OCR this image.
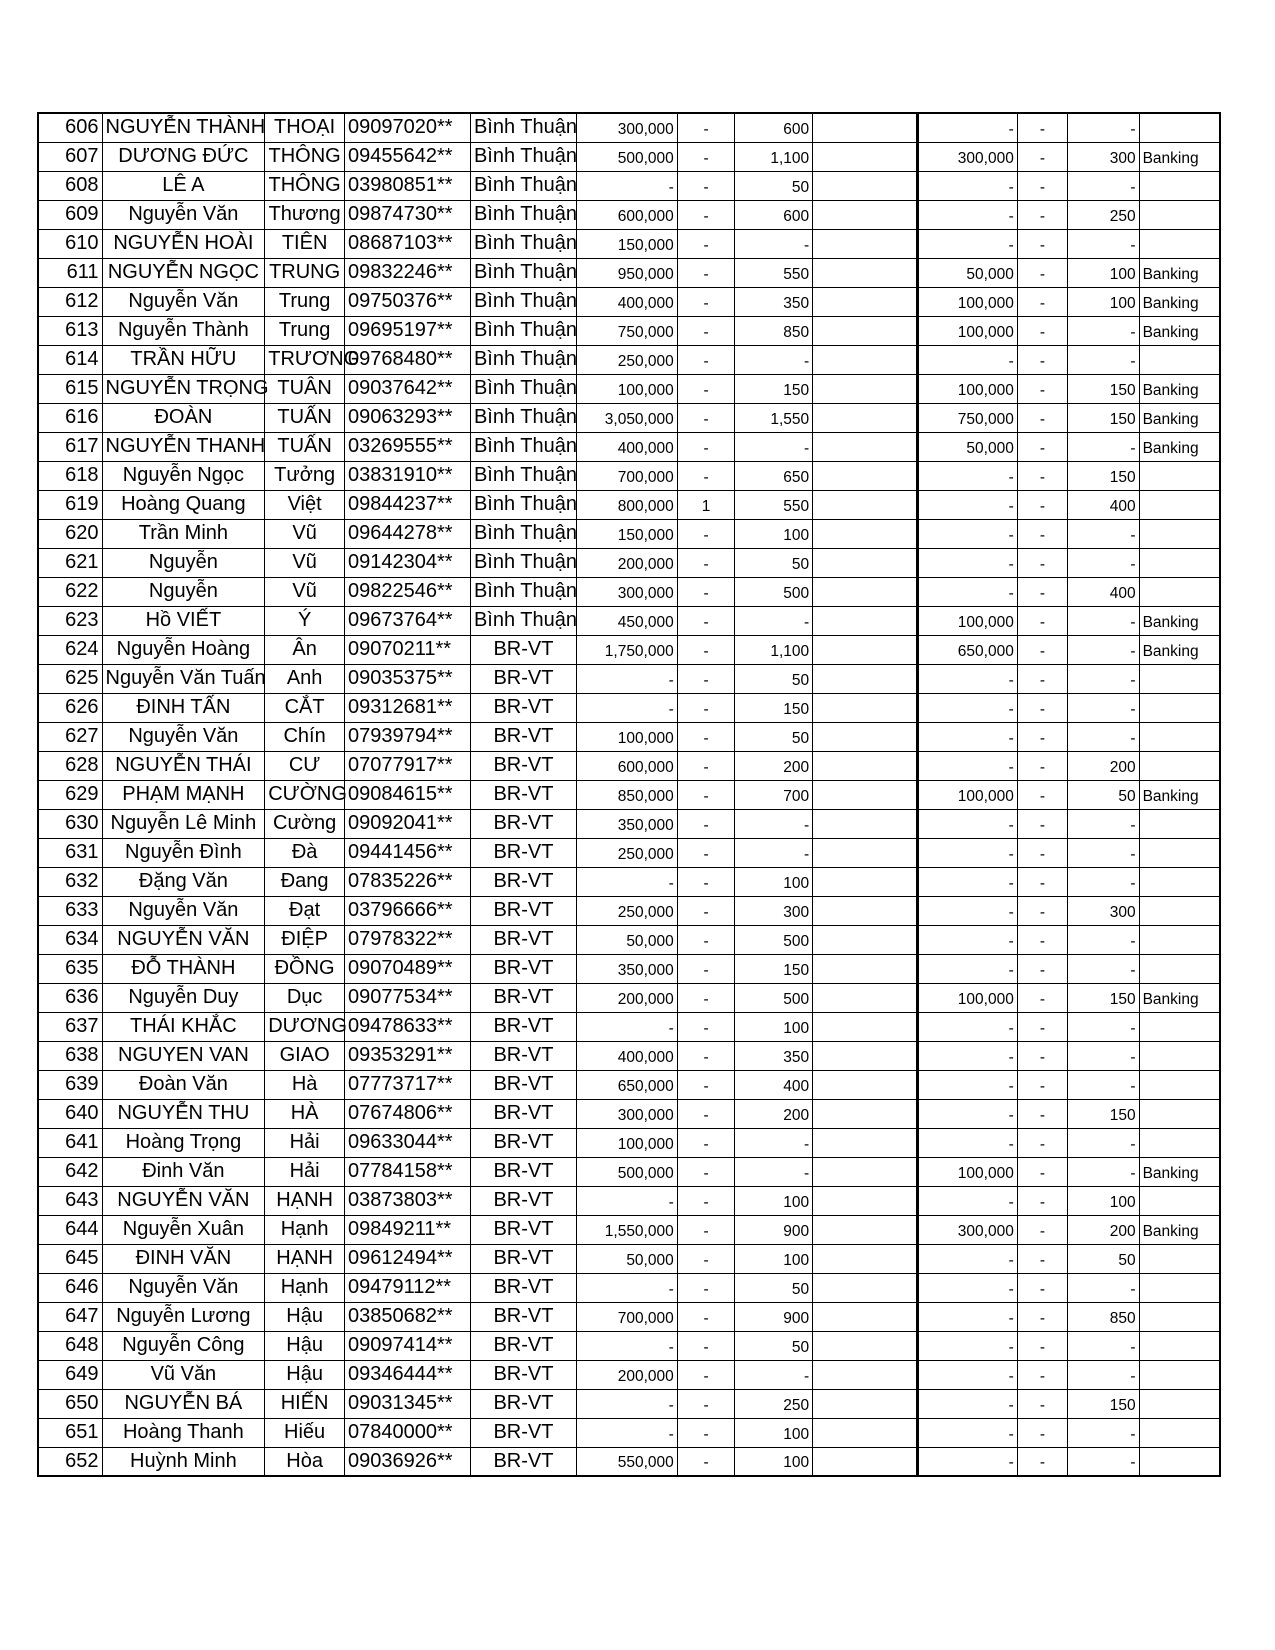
606	NGUYỄN THÀNH	THOẠI	09097020**	Bình Thuận	300,000	-	600		-	-	-	
607	DƯƠNG ĐỨC	THÔNG	09455642**	Bình Thuận	500,000	-	1,100		300,000	-	300	Banking
608	LÊ A	THÔNG	03980851**	Bình Thuận	-	-	50		-	-	-	
609	Nguyễn Văn	Thương	09874730**	Bình Thuận	600,000	-	600		-	-	250	
610	NGUYỄN HOÀI	TIÊN	08687103**	Bình Thuận	150,000	-	-		-	-	-	
611	NGUYỄN NGỌC	TRUNG	09832246**	Bình Thuận	950,000	-	550		50,000	-	100	Banking
612	Nguyễn Văn	Trung	09750376**	Bình Thuận	400,000	-	350		100,000	-	100	Banking
613	Nguyễn Thành	Trung	09695197**	Bình Thuận	750,000	-	850		100,000	-	-	Banking
614	TRẦN HỮU	TRƯƠNG	09768480**	Bình Thuận	250,000	-	-		-	-	-	
615	NGUYỄN TRỌNG	TUÂN	09037642**	Bình Thuận	100,000	-	150		100,000	-	150	Banking
616	ĐOÀN	TUẤN	09063293**	Bình Thuận	3,050,000	-	1,550		750,000	-	150	Banking
617	NGUYỄN THANH	TUẤN	03269555**	Bình Thuận	400,000	-	-		50,000	-	-	Banking
618	Nguyễn Ngọc	Tưởng	03831910**	Bình Thuận	700,000	-	650		-	-	150	
619	Hoàng Quang	Việt	09844237**	Bình Thuận	800,000	1	550		-	-	400	
620	Trần Minh	Vũ	09644278**	Bình Thuận	150,000	-	100		-	-	-	
621	Nguyễn	Vũ	09142304**	Bình Thuận	200,000	-	50		-	-	-	
622	Nguyễn	Vũ	09822546**	Bình Thuận	300,000	-	500		-	-	400	
623	Hồ VIẾT	Ý	09673764**	Bình Thuận	450,000	-	-		100,000	-	-	Banking
624	Nguyễn Hoàng	Ân	09070211**	BR-VT	1,750,000	-	1,100		650,000	-	-	Banking
625	Nguyễn Văn Tuấn	Anh	09035375**	BR-VT	-	-	50		-	-	-	
626	ĐINH TẤN	CẮT	09312681**	BR-VT	-	-	150		-	-	-	
627	Nguyễn Văn	Chín	07939794**	BR-VT	100,000	-	50		-	-	-	
628	NGUYỄN THÁI	CƯ	07077917**	BR-VT	600,000	-	200		-	-	200	
629	PHẠM MẠNH	CƯỜNG	09084615**	BR-VT	850,000	-	700		100,000	-	50	Banking
630	Nguyễn Lê Minh	Cường	09092041**	BR-VT	350,000	-	-		-	-	-	
631	Nguyễn Đình	Đà	09441456**	BR-VT	250,000	-	-		-	-	-	
632	Đặng Văn	Đang	07835226**	BR-VT	-	-	100		-	-	-	
633	Nguyễn Văn	Đạt	03796666**	BR-VT	250,000	-	300		-	-	300	
634	NGUYỄN VĂN	ĐIỆP	07978322**	BR-VT	50,000	-	500		-	-	-	
635	ĐỖ THÀNH	ĐỒNG	09070489**	BR-VT	350,000	-	150		-	-	-	
636	Nguyễn Duy	Dục	09077534**	BR-VT	200,000	-	500		100,000	-	150	Banking
637	THÁI KHẮC	DƯƠNG	09478633**	BR-VT	-	-	100		-	-	-	
638	NGUYEN VAN	GIAO	09353291**	BR-VT	400,000	-	350		-	-	-	
639	Đoàn Văn	Hà	07773717**	BR-VT	650,000	-	400		-	-	-	
640	NGUYỄN THU	HÀ	07674806**	BR-VT	300,000	-	200		-	-	150	
641	Hoàng Trọng	Hải	09633044**	BR-VT	100,000	-	-		-	-	-	
642	Đinh Văn	Hải	07784158**	BR-VT	500,000	-	-		100,000	-	-	Banking
643	NGUYỄN VĂN	HẠNH	03873803**	BR-VT	-	-	100		-	-	100	
644	Nguyễn Xuân	Hạnh	09849211**	BR-VT	1,550,000	-	900		300,000	-	200	Banking
645	ĐINH VĂN	HẠNH	09612494**	BR-VT	50,000	-	100		-	-	50	
646	Nguyễn Văn	Hạnh	09479112**	BR-VT	-	-	50		-	-	-	
647	Nguyễn Lương	Hậu	03850682**	BR-VT	700,000	-	900		-	-	850	
648	Nguyễn Công	Hậu	09097414**	BR-VT	-	-	50		-	-	-	
649	Vũ Văn	Hậu	09346444**	BR-VT	200,000	-	-		-	-	-	
650	NGUYỄN BÁ	HIẾN	09031345**	BR-VT	-	-	250		-	-	150	
651	Hoàng Thanh	Hiếu	07840000**	BR-VT	-	-	100		-	-	-	
652	Huỳnh Minh	Hòa	09036926**	BR-VT	550,000	-	100		-	-	-	
